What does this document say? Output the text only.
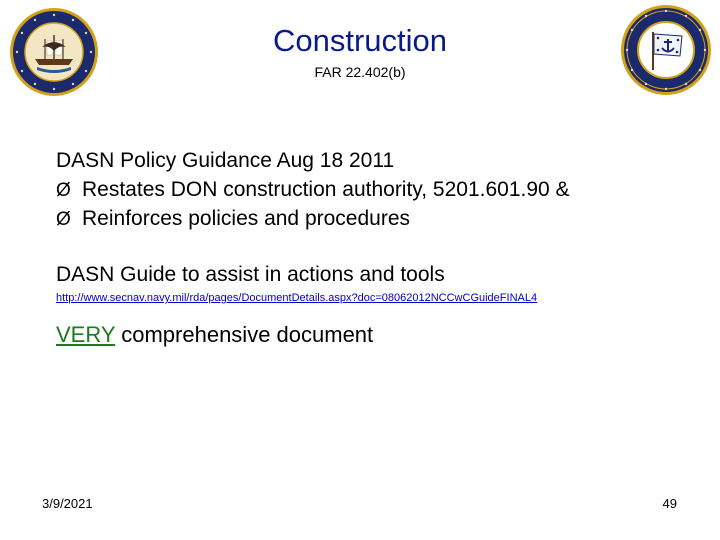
Construction
FAR 22.402(b)
DASN Policy Guidance Aug 18 2011
Ø Restates DON construction authority, 5201.601.90 &
Ø Reinforces policies and procedures
DASN Guide to assist in actions and tools
http://www.secnav.navy.mil/rda/pages/DocumentDetails.aspx?doc=08062012NCCwCGuideFINAL4
VERY comprehensive document
3/9/2021	49
